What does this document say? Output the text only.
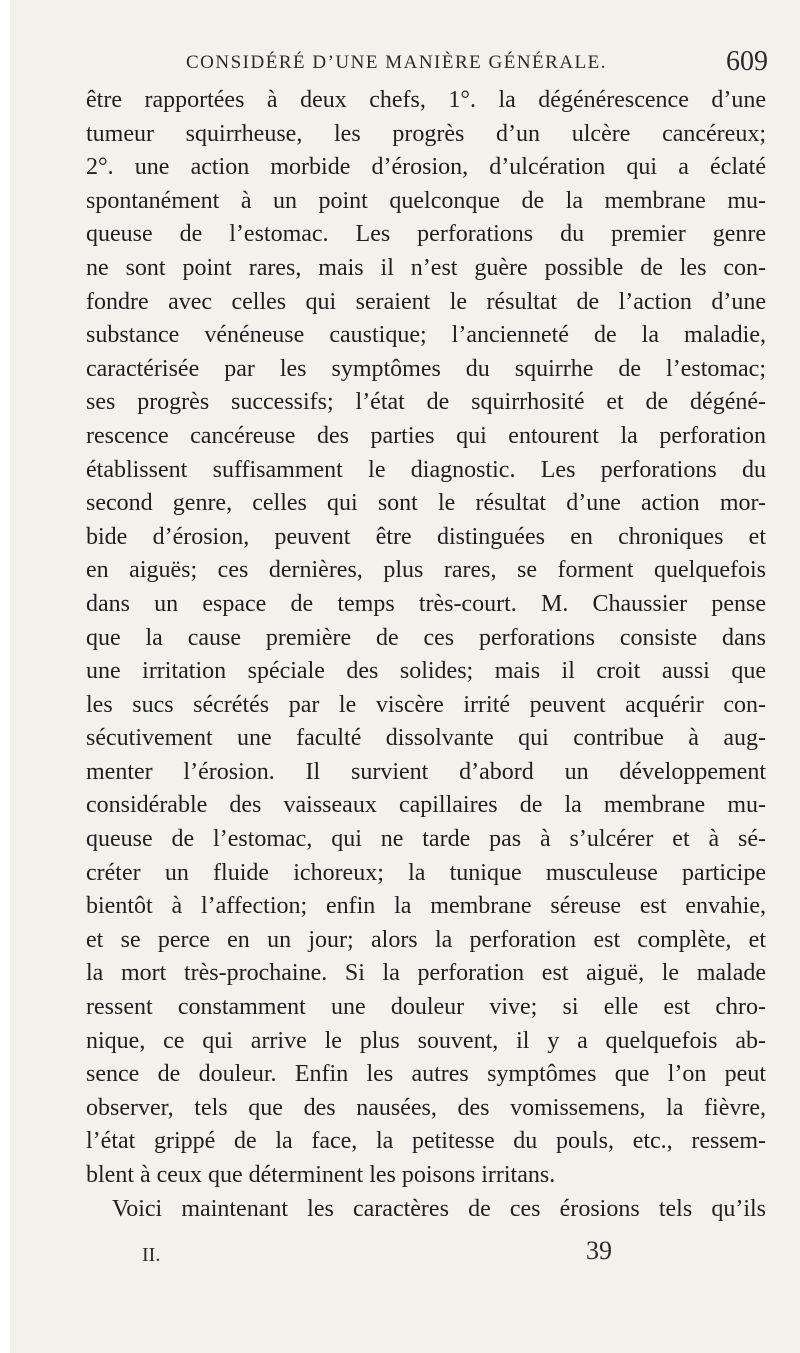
CONSIDÉRÉ D’UNE MANIÈRE GÉNÉRALE.	609
être rapportées à deux chefs, 1°. la dégénérescence d’une
tumeur squirrheuse, les progrès d’un ulcère cancéreux;
2°. une action morbide d’érosion, d’ulcération qui a éclaté
spontanément à un point quelconque de la membrane mu-
queuse de l’estomac. Les perforations du premier genre
ne sont point rares, mais il n’est guère possible de les con-
fondre avec celles qui seraient le résultat de l’action d’une
substance vénéneuse caustique; l’ancienneté de la maladie,
caractérisée par les symptômes du squirrhe de l’estomac;
ses progrès successifs; l’état de squirrhosité et de dégéné-
rescence cancéreuse des parties qui entourent la perforation
établissent suffisamment le diagnostic. Les perforations du
second genre, celles qui sont le résultat d’une action mor-
bide d’érosion, peuvent être distinguées en chroniques et
en aiguës; ces dernières, plus rares, se forment quelquefois
dans un espace de temps très-court. M. Chaussier pense
que la cause première de ces perforations consiste dans
une irritation spéciale des solides; mais il croit aussi que
les sucs sécrétés par le viscère irrité peuvent acquérir con-
sécutivement une faculté dissolvante qui contribue à aug-
menter l’érosion. Il survient d’abord un développement
considérable des vaisseaux capillaires de la membrane mu-
queuse de l’estomac, qui ne tarde pas à s’ulcérer et à sé-
créter un fluide ichoreux; la tunique musculeuse participe
bientôt à l’affection; enfin la membrane séreuse est envahie,
et se perce en un jour; alors la perforation est complète, et
la mort très-prochaine. Si la perforation est aiguë, le malade
ressent constamment une douleur vive; si elle est chro-
nique, ce qui arrive le plus souvent, il y a quelquefois ab-
sence de douleur. Enfin les autres symptômes que l’on peut
observer, tels que des nausées, des vomissemens, la fièvre,
l’état grippé de la face, la petitesse du pouls, etc., ressem-
blent à ceux que déterminent les poisons irritans.
Voici maintenant les caractères de ces érosions tels qu’ils
II.	39
